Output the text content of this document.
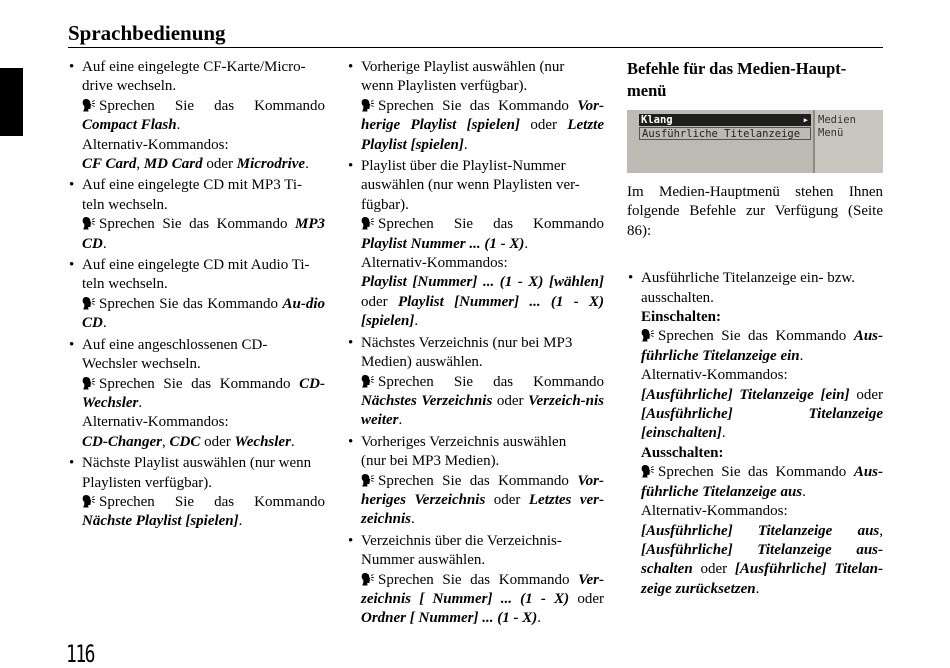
Sprachbedienung
• Auf eine eingelegte CF-Karte/Micro-
drive wechseln.
Sprechen Sie das Kommando Compact Flash.
Alternativ-Kommandos:
CF Card, MD Card oder Microdrive.
• Auf eine eingelegte CD mit MP3 Ti-
teln wechseln.
Sprechen Sie das Kommando MP3 CD.
• Auf eine eingelegte CD mit Audio Ti-
teln wechseln.
Sprechen Sie das Kommando Au-dio CD.
• Auf eine angeschlossenen CD-
Wechsler wechseln.
Sprechen Sie das Kommando CD-Wechsler.
Alternativ-Kommandos:
CD-Changer, CDC oder Wechsler.
• Nächste Playlist auswählen (nur wenn
Playlisten verfügbar).
Sprechen Sie das Kommando Nächste Playlist [spielen].
• Vorherige Playlist auswählen (nur
wenn Playlisten verfügbar).
Sprechen Sie das Kommando Vor-herige Playlist [spielen] oder Letzte Playlist [spielen].
• Playlist über die Playlist-Nummer
auswählen (nur wenn Playlisten ver-
fügbar).
Sprechen Sie das Kommando Playlist Nummer ... (1 - X).
Alternativ-Kommandos:
Playlist [Nummer] ... (1 - X) [wählen] oder Playlist [Nummer] ... (1 - X) [spielen].
• Nächstes Verzeichnis (nur bei MP3
Medien) auswählen.
Sprechen Sie das Kommando Nächstes Verzeichnis oder Verzeich-nis weiter.
• Vorheriges Verzeichnis auswählen
(nur bei MP3 Medien).
Sprechen Sie das Kommando Vor-heriges Verzeichnis oder Letztes ver-zeichnis.
• Verzeichnis über die Verzeichnis-
Nummer auswählen.
Sprechen Sie das Kommando Ver-zeichnis [ Nummer] ... (1 - X) oder Ordner [ Nummer] ... (1 - X).
Befehle für das Medien-Haupt-
menü
Klang	▸
Ausführliche Titelanzeige
Medien
Menü
Im Medien-Hauptmenü stehen Ihnen folgende Befehle zur Verfügung (Seite 86):
• Ausführliche Titelanzeige ein- bzw.
ausschalten.
Einschalten:
Sprechen Sie das Kommando Aus-führliche Titelanzeige ein.
Alternativ-Kommandos:
[Ausführliche] Titelanzeige [ein] oder [Ausführliche] Titelanzeige [einschalten].
Ausschalten:
Sprechen Sie das Kommando Aus-führliche Titelanzeige aus.
Alternativ-Kommandos:
[Ausführliche] Titelanzeige aus, [Ausführliche] Titelanzeige aus-schalten oder [Ausführliche] Titelan-zeige zurücksetzen.
116
